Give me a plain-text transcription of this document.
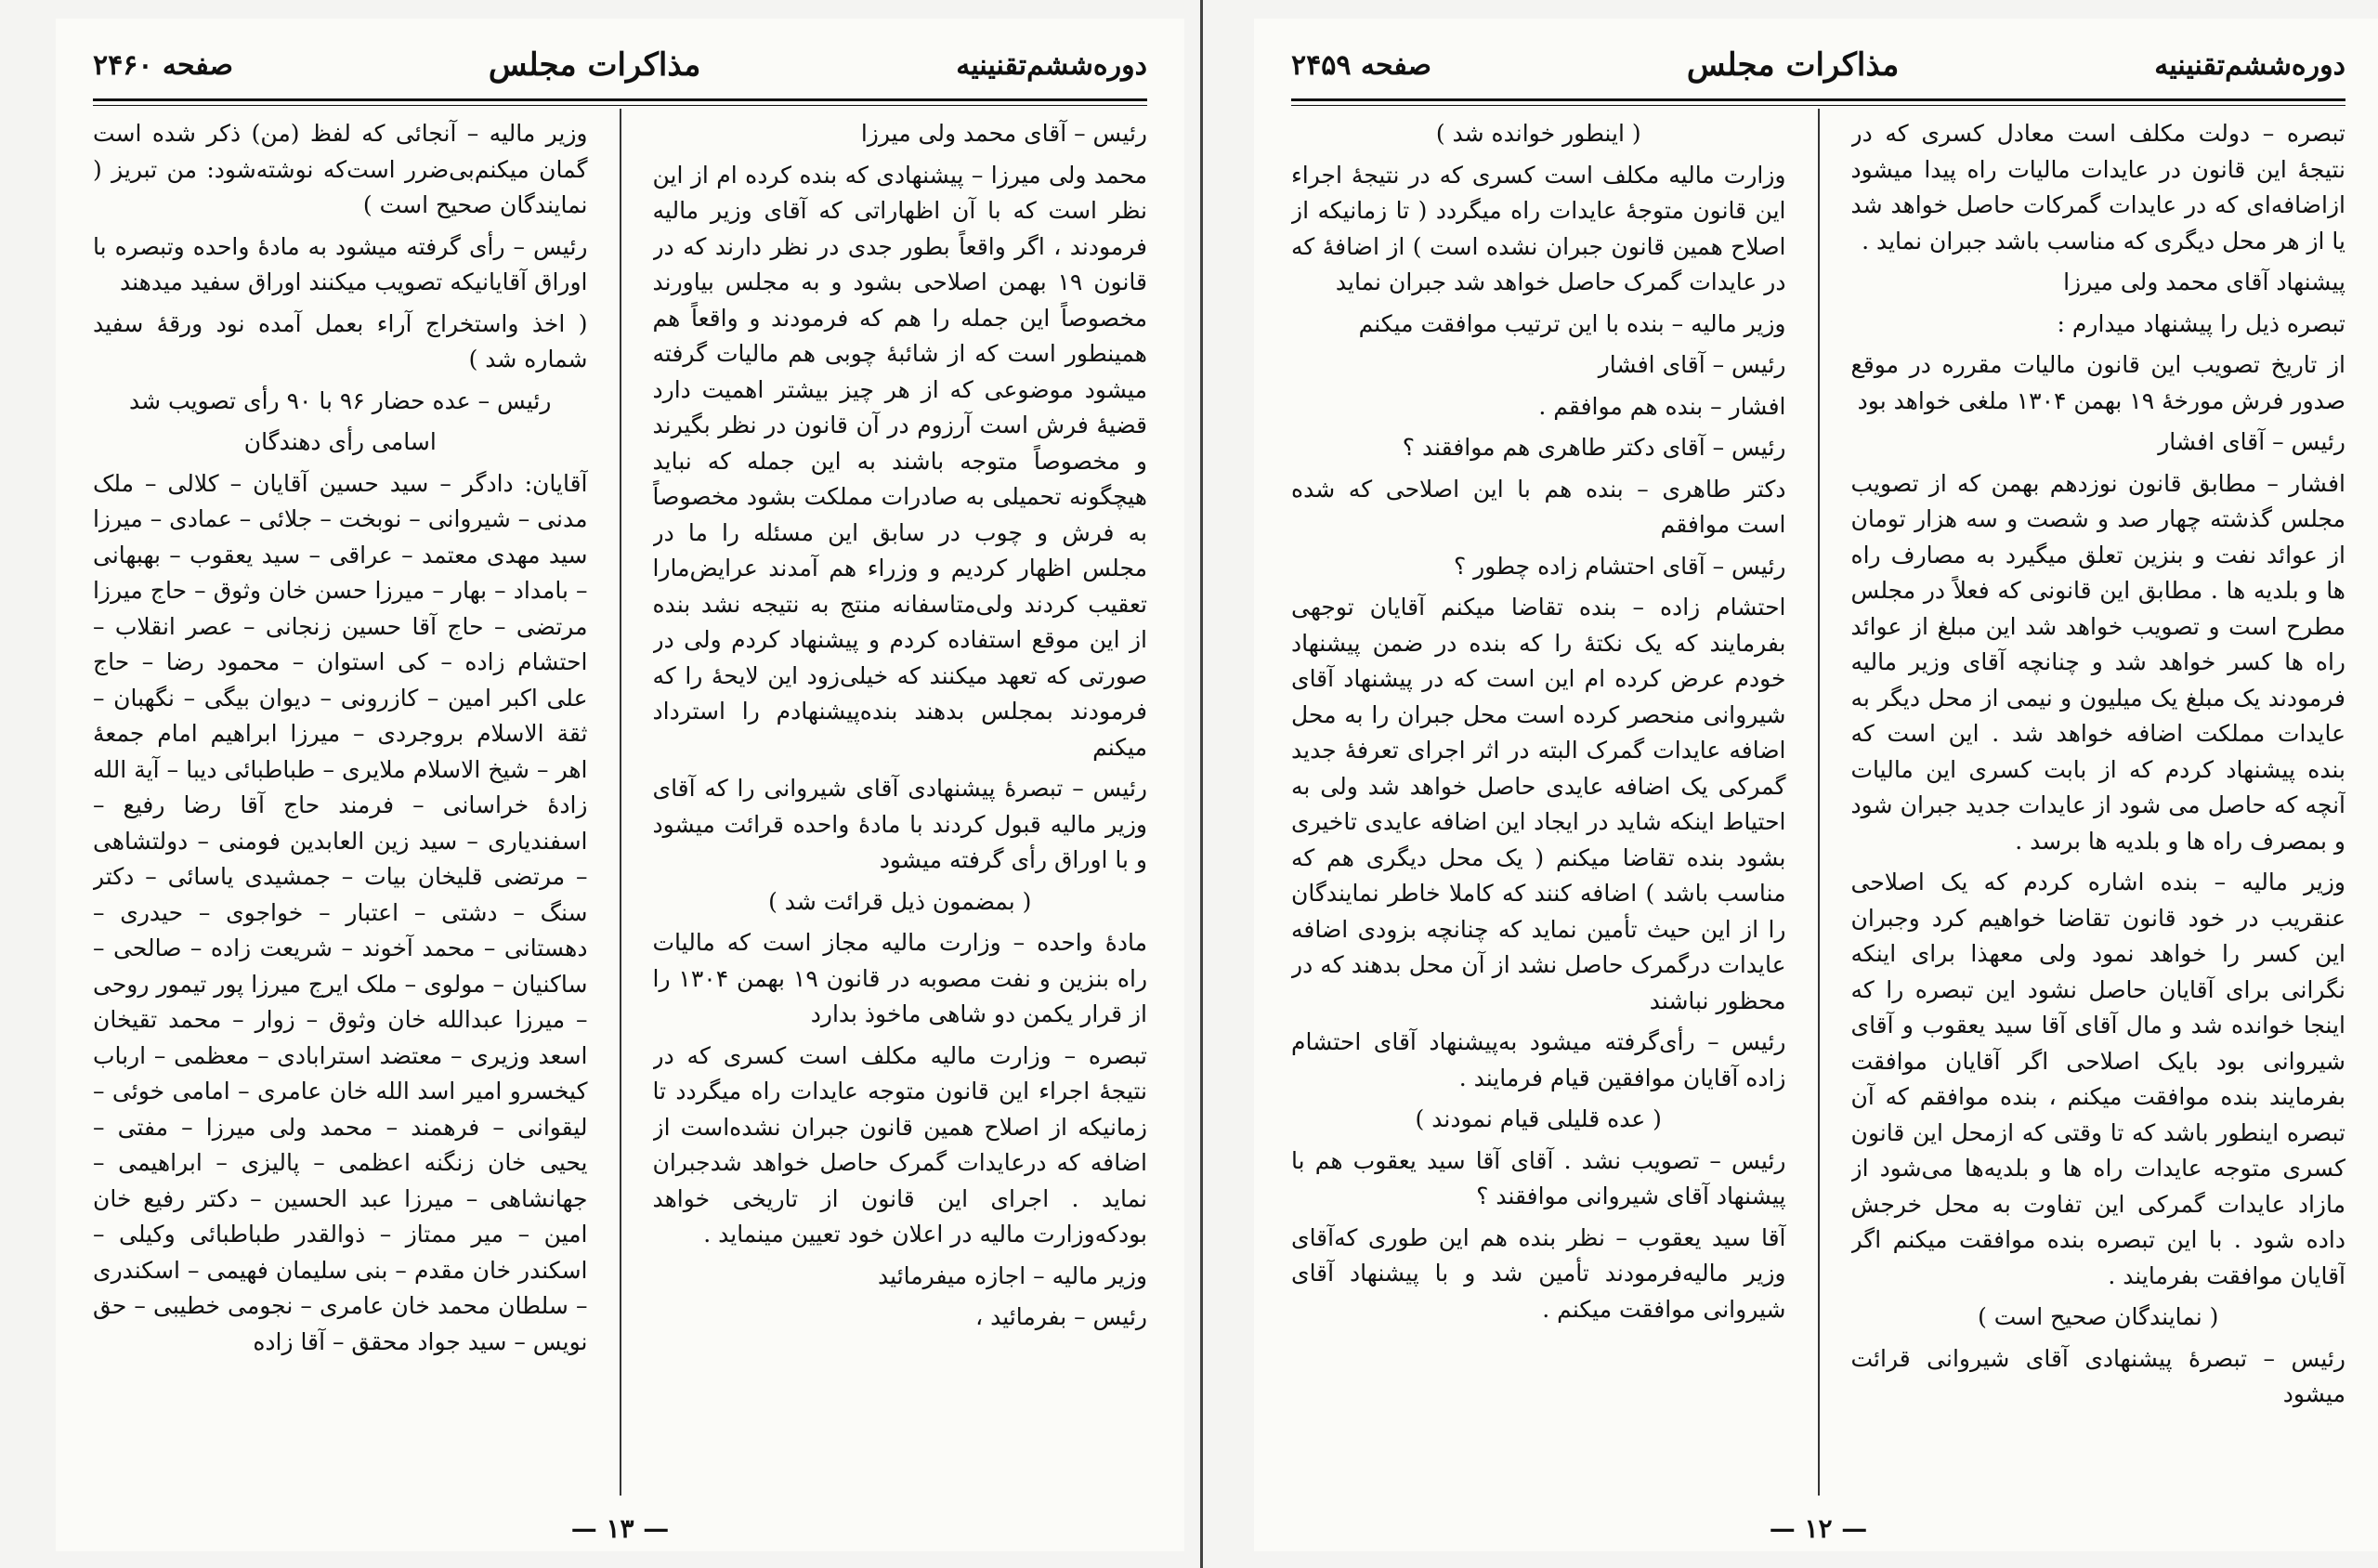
دوره‌ششم‌تقنینیه
مذاکرات مجلس
صفحه ۲۴۶۰

رئیس – آقای محمد ولی میرزا

محمد ولی میرزا – پیشنهادی که بنده کرده ام از این نظر است که با آن اظهاراتی که آقای وزیر مالیه فرمودند ، اگر واقعاً بطور جدی در نظر دارند که در قانون ۱۹ بهمن اصلاحی بشود و به مجلس بیاورند مخصوصاً این جمله را هم که فرمودند و واقعاً هم همینطور است که از شائبهٔ چوبی هم مالیات گرفته میشود موضوعی که از هر چیز بیشتر اهمیت دارد قضیهٔ فرش است آرزوم در آن قانون در نظر بگیرند و مخصوصاً متوجه باشند به این جمله که نباید هیچگونه تحمیلی به صادرات مملکت بشود مخصوصاً به فرش و چوب در سابق این مسئله را ما در مجلس اظهار کردیم و وزراء هم آمدند عرایض‌مارا تعقیب کردند ولی‌متاسفانه منتج به نتیجه نشد بنده از این موقع استفاده کردم و پیشنهاد کردم ولی در صورتی که تعهد میکنند که خیلی‌زود این لایحهٔ را که فرمودند بمجلس بدهند بنده‌پیشنهادم را استرداد میکنم

رئیس – تبصرهٔ پیشنهادی آقای شیروانی را که آقای وزیر مالیه قبول کردند با مادهٔ واحده قرائت میشود و با اوراق رأی گرفته میشود

( بمضمون ذیل قرائت شد )

مادهٔ واحده – وزارت مالیه مجاز است که مالیات راه بنزین و نفت مصوبه در قانون ۱۹ بهمن ۱۳۰۴ را از قرار یکمن دو شاهی ماخوذ بدارد

تبصره – وزارت مالیه مکلف است کسری که در نتیجهٔ اجراء این قانون متوجه عایدات راه میگردد تا زمانیکه از اصلاح همین قانون جبران نشده‌است از اضافه که درعایدات گمرک حاصل خواهد شدجبران نماید . اجرای این قانون از تاریخی خواهد بودکه‌وزارت مالیه در اعلان خود تعیین مینماید .

وزیر مالیه – اجازه میفرمائید

رئیس – بفرمائید ،

وزیر مالیه – آنجائی که لفظ (من) ذکر شده است گمان میکنم‌بی‌ضرر است‌که نوشته‌شود: من تبریز ( نمایندگان صحیح است )

رئیس – رأی گرفته میشود به مادهٔ واحده وتبصره با اوراق آقایانیکه تصویب میکنند اوراق سفید میدهند

( اخذ واستخراج آراء بعمل آمده نود ورقهٔ سفید شماره شد )

رئیس – عده حضار ۹۶ با ۹۰ رأی تصویب شد

اسامی رأی دهندگان

آقایان: دادگر – سید حسین آقایان – کلالی – ملک مدنی – شیروانی – نوبخت – جلائی – عمادی – میرزا سید مهدی معتمد – عراقی – سید یعقوب – بهبهانی – بامداد – بهار – میرزا حسن خان وثوق – حاج میرزا مرتضی – حاج آقا حسین زنجانی – عصر انقلاب – احتشام زاده – کی استوان – محمود رضا – حاج علی اکبر امین – کازرونی – دیوان بیگی – نگهبان – ثقة الاسلام بروجردی – میرزا ابراهیم امام جمعهٔ اهر – شیخ الاسلام ملایری – طباطبائی دیبا – آیة الله زادهٔ خراسانی – فرمند حاج آقا رضا رفیع – اسفندیاری – سید زین العابدین فومنی – دولتشاهی – مرتضی قلیخان بیات – جمشیدی یاسائی – دکتر سنگ – دشتی – اعتبار – خواجوی – حیدری – دهستانی – محمد آخوند – شریعت زاده – صالحی – ساکنیان – مولوی – ملک ایرج میرزا پور تیمور روحی – میرزا عبدالله خان وثوق – زوار – محمد تقیخان اسعد وزیری – معتضد استرابادی – معظمی – ارباب کیخسرو امیر اسد الله خان عامری – امامی خوئی – لیقوانی – فرهمند – محمد ولی میرزا – مفتی – یحیی خان زنگنه اعظمی – پالیزی – ابراهیمی – جهانشاهی – میرزا عبد الحسین – دکتر رفیع خان امین – میر ممتاز – ذوالقدر طباطبائی وکیلی – اسکندر خان مقدم – بنی سلیمان فهیمی – اسکندری – سلطان محمد خان عامری – نجومی خطیبی – حق نویس – سید جواد محقق – آقا زاده

— ۱۳ —
دوره‌ششم‌تقنینیه
مذاکرات مجلس
صفحه ۲۴۵۹

تبصره – دولت مکلف است معادل کسری که در نتیجهٔ این قانون در عایدات مالیات راه پیدا میشود ازاضافه‌ای که در عایدات گمرکات حاصل خواهد شد یا از هر محل دیگری که مناسب باشد جبران نماید .

پیشنهاد آقای محمد ولی میرزا

تبصره ذیل را پیشنهاد میدارم :

از تاریخ تصویب این قانون مالیات مقرره در موقع صدور فرش مورخهٔ ۱۹ بهمن ۱۳۰۴ ملغی خواهد بود

رئیس – آقای افشار

افشار – مطابق قانون نوزدهم بهمن که از تصویب مجلس گذشته چهار صد و شصت و سه هزار تومان از عوائد نفت و بنزین تعلق میگیرد به مصارف راه ها و بلدیه ها . مطابق این قانونی که فعلاً در مجلس مطرح است و تصویب خواهد شد این مبلغ از عوائد راه ها کسر خواهد شد و چنانچه آقای وزیر مالیه فرمودند یک مبلغ یک میلیون و نیمی از محل دیگر به عایدات مملکت اضافه خواهد شد . این است که بنده پیشنهاد کردم که از بابت کسری این مالیات آنچه که حاصل می شود از عایدات جدید جبران شود و بمصرف راه ها و بلدیه ها برسد .

وزیر مالیه – بنده اشاره کردم که یک اصلاحی عنقریب در خود قانون تقاضا خواهیم کرد وجبران این کسر را خواهد نمود ولی معهذا برای اینکه نگرانی برای آقایان حاصل نشود این تبصره را که اینجا خوانده شد و مال آقای آقا سید یعقوب و آقای شیروانی بود بایک اصلاحی اگر آقایان موافقت بفرمایند بنده موافقت میکنم ، بنده موافقم که آن تبصره اینطور باشد که تا وقتی که ازمحل این قانون کسری متوجه عایدات راه ها و بلدیه‌ها می‌شود از مازاد عایدات گمرکی این تفاوت به محل خرجش داده شود . با این تبصره بنده موافقت میکنم اگر آقایان موافقت بفرمایند .

( نمایندگان صحیح است )

رئیس – تبصرهٔ پیشنهادی آقای شیروانی قرائت میشود

( اینطور خوانده شد )

وزارت مالیه مکلف است کسری که در نتیجهٔ اجراء این قانون متوجهٔ عایدات راه میگردد ( تا زمانیکه از اصلاح همین قانون جبران نشده است ) از اضافهٔ که در عایدات گمرک حاصل خواهد شد جبران نماید

وزیر مالیه – بنده با این ترتیب موافقت میکنم

رئیس – آقای افشار

افشار – بنده هم موافقم .

رئیس – آقای دکتر طاهری هم موافقند ؟

دکتر طاهری – بنده هم با این اصلاحی که شده است موافقم

رئیس – آقای احتشام زاده چطور ؟

احتشام زاده – بنده تقاضا میکنم آقایان توجهی بفرمایند که یک نکتهٔ را که بنده در ضمن پیشنهاد خودم عرض کرده ام این است که در پیشنهاد آقای شیروانی منحصر کرده است محل جبران را به محل اضافه عایدات گمرک البته در اثر اجرای تعرفهٔ جدید گمرکی یک اضافه عایدی حاصل خواهد شد ولی به احتیاط اینکه شاید در ایجاد این اضافه عایدی تاخیری بشود بنده تقاضا میکنم ( یک محل دیگری هم که مناسب باشد ) اضافه کنند که کاملا خاطر نمایندگان را از این حیث تأمین نماید که چنانچه بزودی اضافه عایدات درگمرک حاصل نشد از آن محل بدهند که در محظور نباشند

رئیس – رأی‌گرفته میشود به‌پیشنهاد آقای احتشام زاده آقایان موافقین قیام فرمایند .

( عده قلیلی قیام نمودند )

رئیس – تصویب نشد . آقای آقا سید یعقوب هم با پیشنهاد آقای شیروانی موافقند ؟

آقا سید یعقوب – نظر بنده هم این طوری که‌آقای وزیر مالیه‌فرمودند تأمین شد و با پیشنهاد آقای شیروانی موافقت میکنم .

— ۱۲ —
